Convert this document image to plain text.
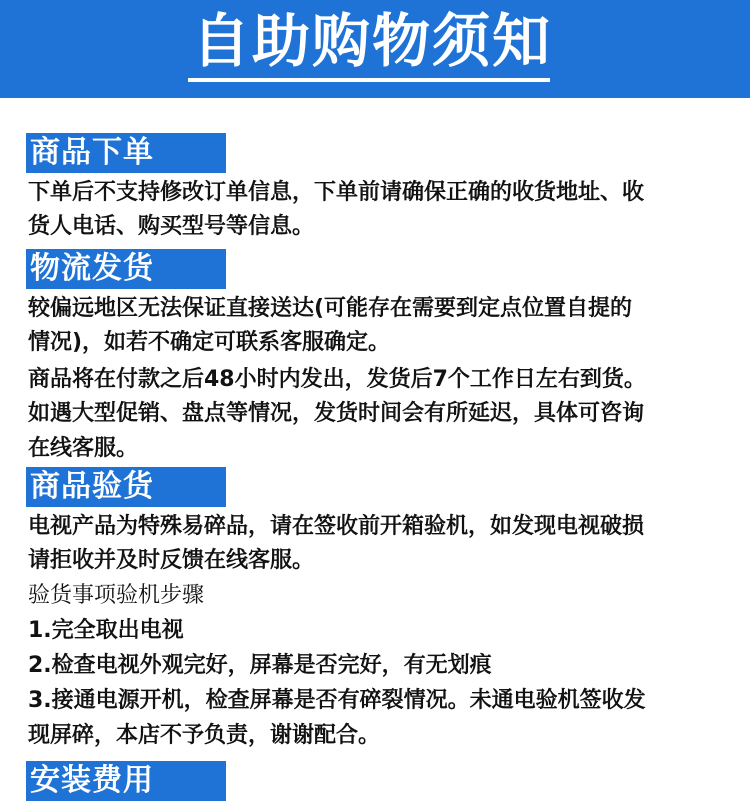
自助购物须知
商品下单
下单后不支持修改订单信息，下单前请确保正确的收货地址、收
货人电话、购买型号等信息。
物流发货
较偏远地区无法保证直接送达(可能存在需要到定点位置自提的
情况)，如若不确定可联系客服确定。
商品将在付款之后48小时内发出，发货后7个工作日左右到货。
如遇大型促销、盘点等情况，发货时间会有所延迟，具体可咨询
在线客服。
商品验货
电视产品为特殊易碎品，请在签收前开箱验机，如发现电视破损
请拒收并及时反馈在线客服。
验货事项验机步骤
1.完全取出电视
2.检查电视外观完好，屏幕是否完好，有无划痕
3.接通电源开机，检查屏幕是否有碎裂情况。未通电验机签收发
现屏碎，本店不予负责，谢谢配合。
安装费用
